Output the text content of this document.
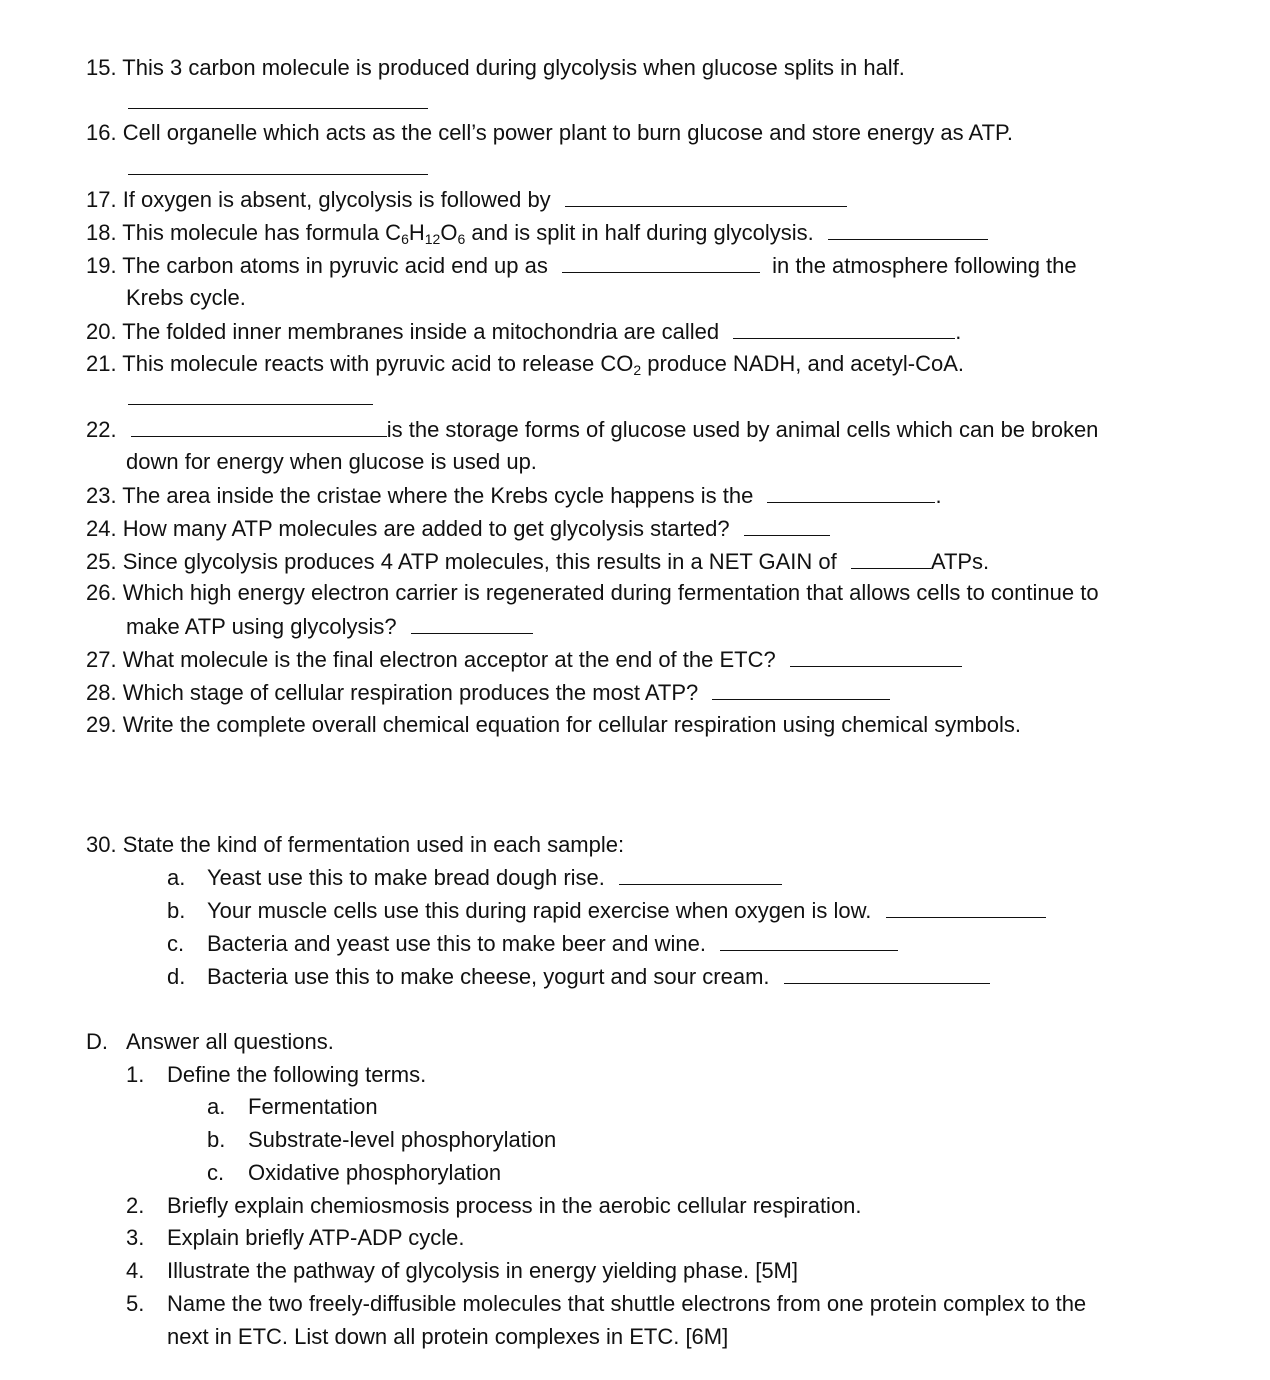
15. This 3 carbon molecule is produced during glycolysis when glucose splits in half.
16. Cell organelle which acts as the cell’s power plant to burn glucose and store energy as ATP.
17. If oxygen is absent, glycolysis is followed by
18. This molecule has formula $C_6H_{12}O_6$ and is split in half during glycolysis.
19. The carbon atoms in pyruvic acid end up as	in the atmosphere following the
Krebs cycle.
20. The folded inner membranes inside a mitochondria are called	.
21. This molecule reacts with pyruvic acid to release $CO_2$ produce NADH, and acetyl-CoA.
22.	is the storage forms of glucose used by animal cells which can be broken
down for energy when glucose is used up.
23. The area inside the cristae where the Krebs cycle happens is the	.
24. How many ATP molecules are added to get glycolysis started?
25. Since glycolysis produces 4 ATP molecules, this results in a NET GAIN of	ATPs.
26. Which high energy electron carrier is regenerated during fermentation that allows cells to continue to
make ATP using glycolysis?
27. What molecule is the final electron acceptor at the end of the ETC?
28. Which stage of cellular respiration produces the most ATP?
29. Write the complete overall chemical equation for cellular respiration using chemical symbols.
30. State the kind of fermentation used in each sample:
a. Yeast use this to make bread dough rise.
b. Your muscle cells use this during rapid exercise when oxygen is low.
c. Bacteria and yeast use this to make beer and wine.
d. Bacteria use this to make cheese, yogurt and sour cream.
D. Answer all questions.
1. Define the following terms.
a. Fermentation
b. Substrate-level phosphorylation
c. Oxidative phosphorylation
2. Briefly explain chemiosmosis process in the aerobic cellular respiration.
3. Explain briefly ATP-ADP cycle.
4. Illustrate the pathway of glycolysis in energy yielding phase. [5M]
5. Name the two freely-diffusible molecules that shuttle electrons from one protein complex to the
next in ETC. List down all protein complexes in ETC. [6M]
